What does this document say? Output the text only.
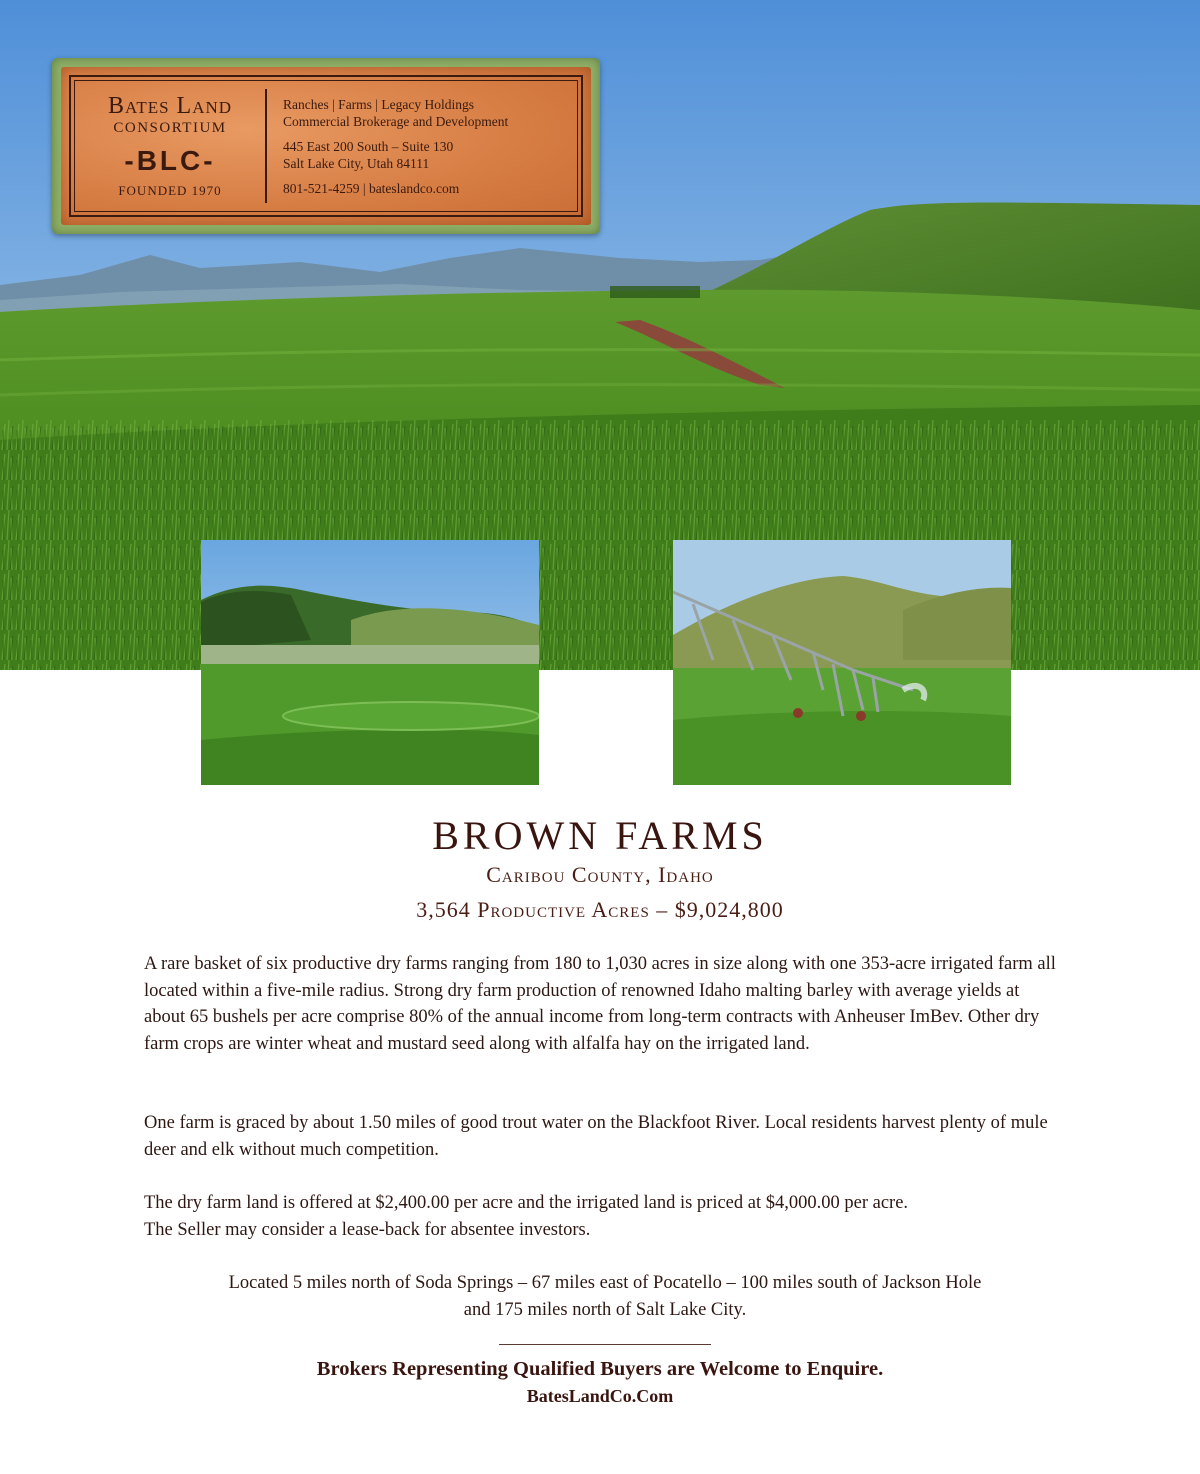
Bates Land
CONSORTIUM
-BLC-
FOUNDED 1970
Ranches | Farms | Legacy Holdings
Commercial Brokerage and Development
445 East 200 South – Suite 130
Salt Lake City, Utah 84111
801-521-4259 | bateslandco.com
BROWN FARMS
Caribou County, Idaho
3,564 Productive Acres – $9,024,800

A rare basket of six productive dry farms ranging from 180 to 1,030 acres in size along with one 353-acre irrigated farm all located within a five-mile radius. Strong dry farm production of renowned Idaho malting barley with average yields at about 65 bushels per acre comprise 80% of the annual income from long-term contracts with Anheuser ImBev. Other dry farm crops are winter wheat and mustard seed along with alfalfa hay on the irrigated land.

One farm is graced by about 1.50 miles of good trout water on the Blackfoot River. Local residents harvest plenty of mule deer and elk without much competition.

The dry farm land is offered at $2,400.00 per acre and the irrigated land is priced at $4,000.00 per acre.
The Seller may consider a lease-back for absentee investors.
Located 5 miles north of Soda Springs – 67 miles east of Pocatello – 100 miles south of Jackson Hole
and 175 miles north of Salt Lake City.
Brokers Representing Qualified Buyers are Welcome to Enquire.
BatesLandCo.Com
